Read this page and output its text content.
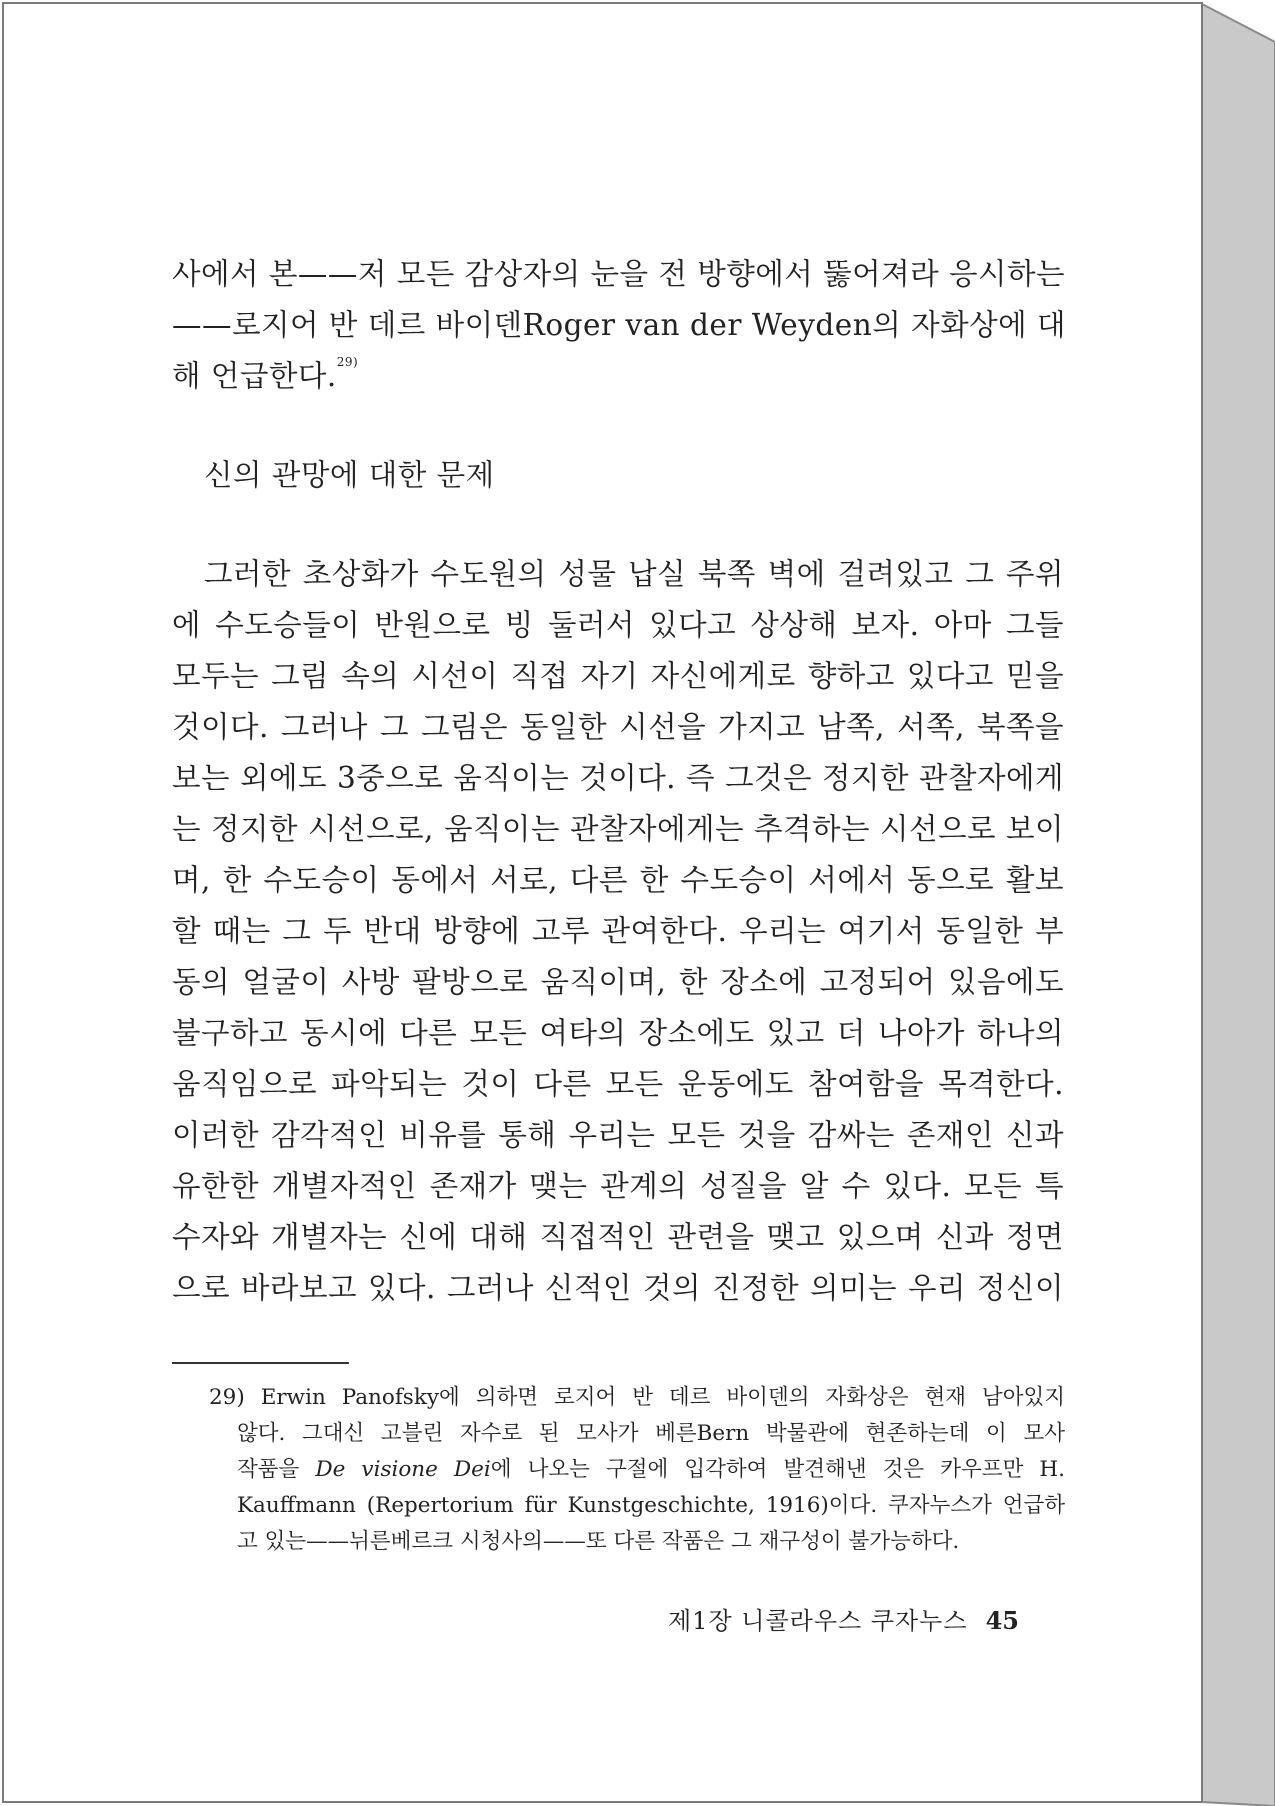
사에서 본——저 모든 감상자의 눈을 전 방향에서 뚫어져라 응시하는

——로지어 반 데르 바이덴Roger van der Weyden의 자화상에 대

해 언급한다.$^{29)}$

신의 관망에 대한 문제

그러한 초상화가 수도원의 성물 납실 북쪽 벽에 걸려있고 그 주위

에 수도승들이 반원으로 빙 둘러서 있다고 상상해 보자. 아마 그들

모두는 그림 속의 시선이 직접 자기 자신에게로 향하고 있다고 믿을

것이다. 그러나 그 그림은 동일한 시선을 가지고 남쪽, 서쪽, 북쪽을

보는 외에도 3중으로 움직이는 것이다. 즉 그것은 정지한 관찰자에게

는 정지한 시선으로, 움직이는 관찰자에게는 추격하는 시선으로 보이

며, 한 수도승이 동에서 서로, 다른 한 수도승이 서에서 동으로 활보

할 때는 그 두 반대 방향에 고루 관여한다. 우리는 여기서 동일한 부

동의 얼굴이 사방 팔방으로 움직이며, 한 장소에 고정되어 있음에도

불구하고 동시에 다른 모든 여타의 장소에도 있고 더 나아가 하나의

움직임으로 파악되는 것이 다른 모든 운동에도 참여함을 목격한다.

이러한 감각적인 비유를 통해 우리는 모든 것을 감싸는 존재인 신과

유한한 개별자적인 존재가 맺는 관계의 성질을 알 수 있다. 모든 특

수자와 개별자는 신에 대해 직접적인 관련을 맺고 있으며 신과 정면

으로 바라보고 있다. 그러나 신적인 것의 진정한 의미는 우리 정신이

29) Erwin Panofsky에 의하면 로지어 반 데르 바이덴의 자화상은 현재 남아있지

않다. 그대신 고블린 자수로 된 모사가 베른Bern 박물관에 현존하는데 이 모사

작품을 De visione Dei에 나오는 구절에 입각하여 발견해낸 것은 카우프만 H.

Kauffmann (Repertorium für Kunstgeschichte, 1916)이다. 쿠자누스가 언급하

고 있는——뉘른베르크 시청사의——또 다른 작품은 그 재구성이 불가능하다.

제1장 니콜라우스 쿠자누스 45
